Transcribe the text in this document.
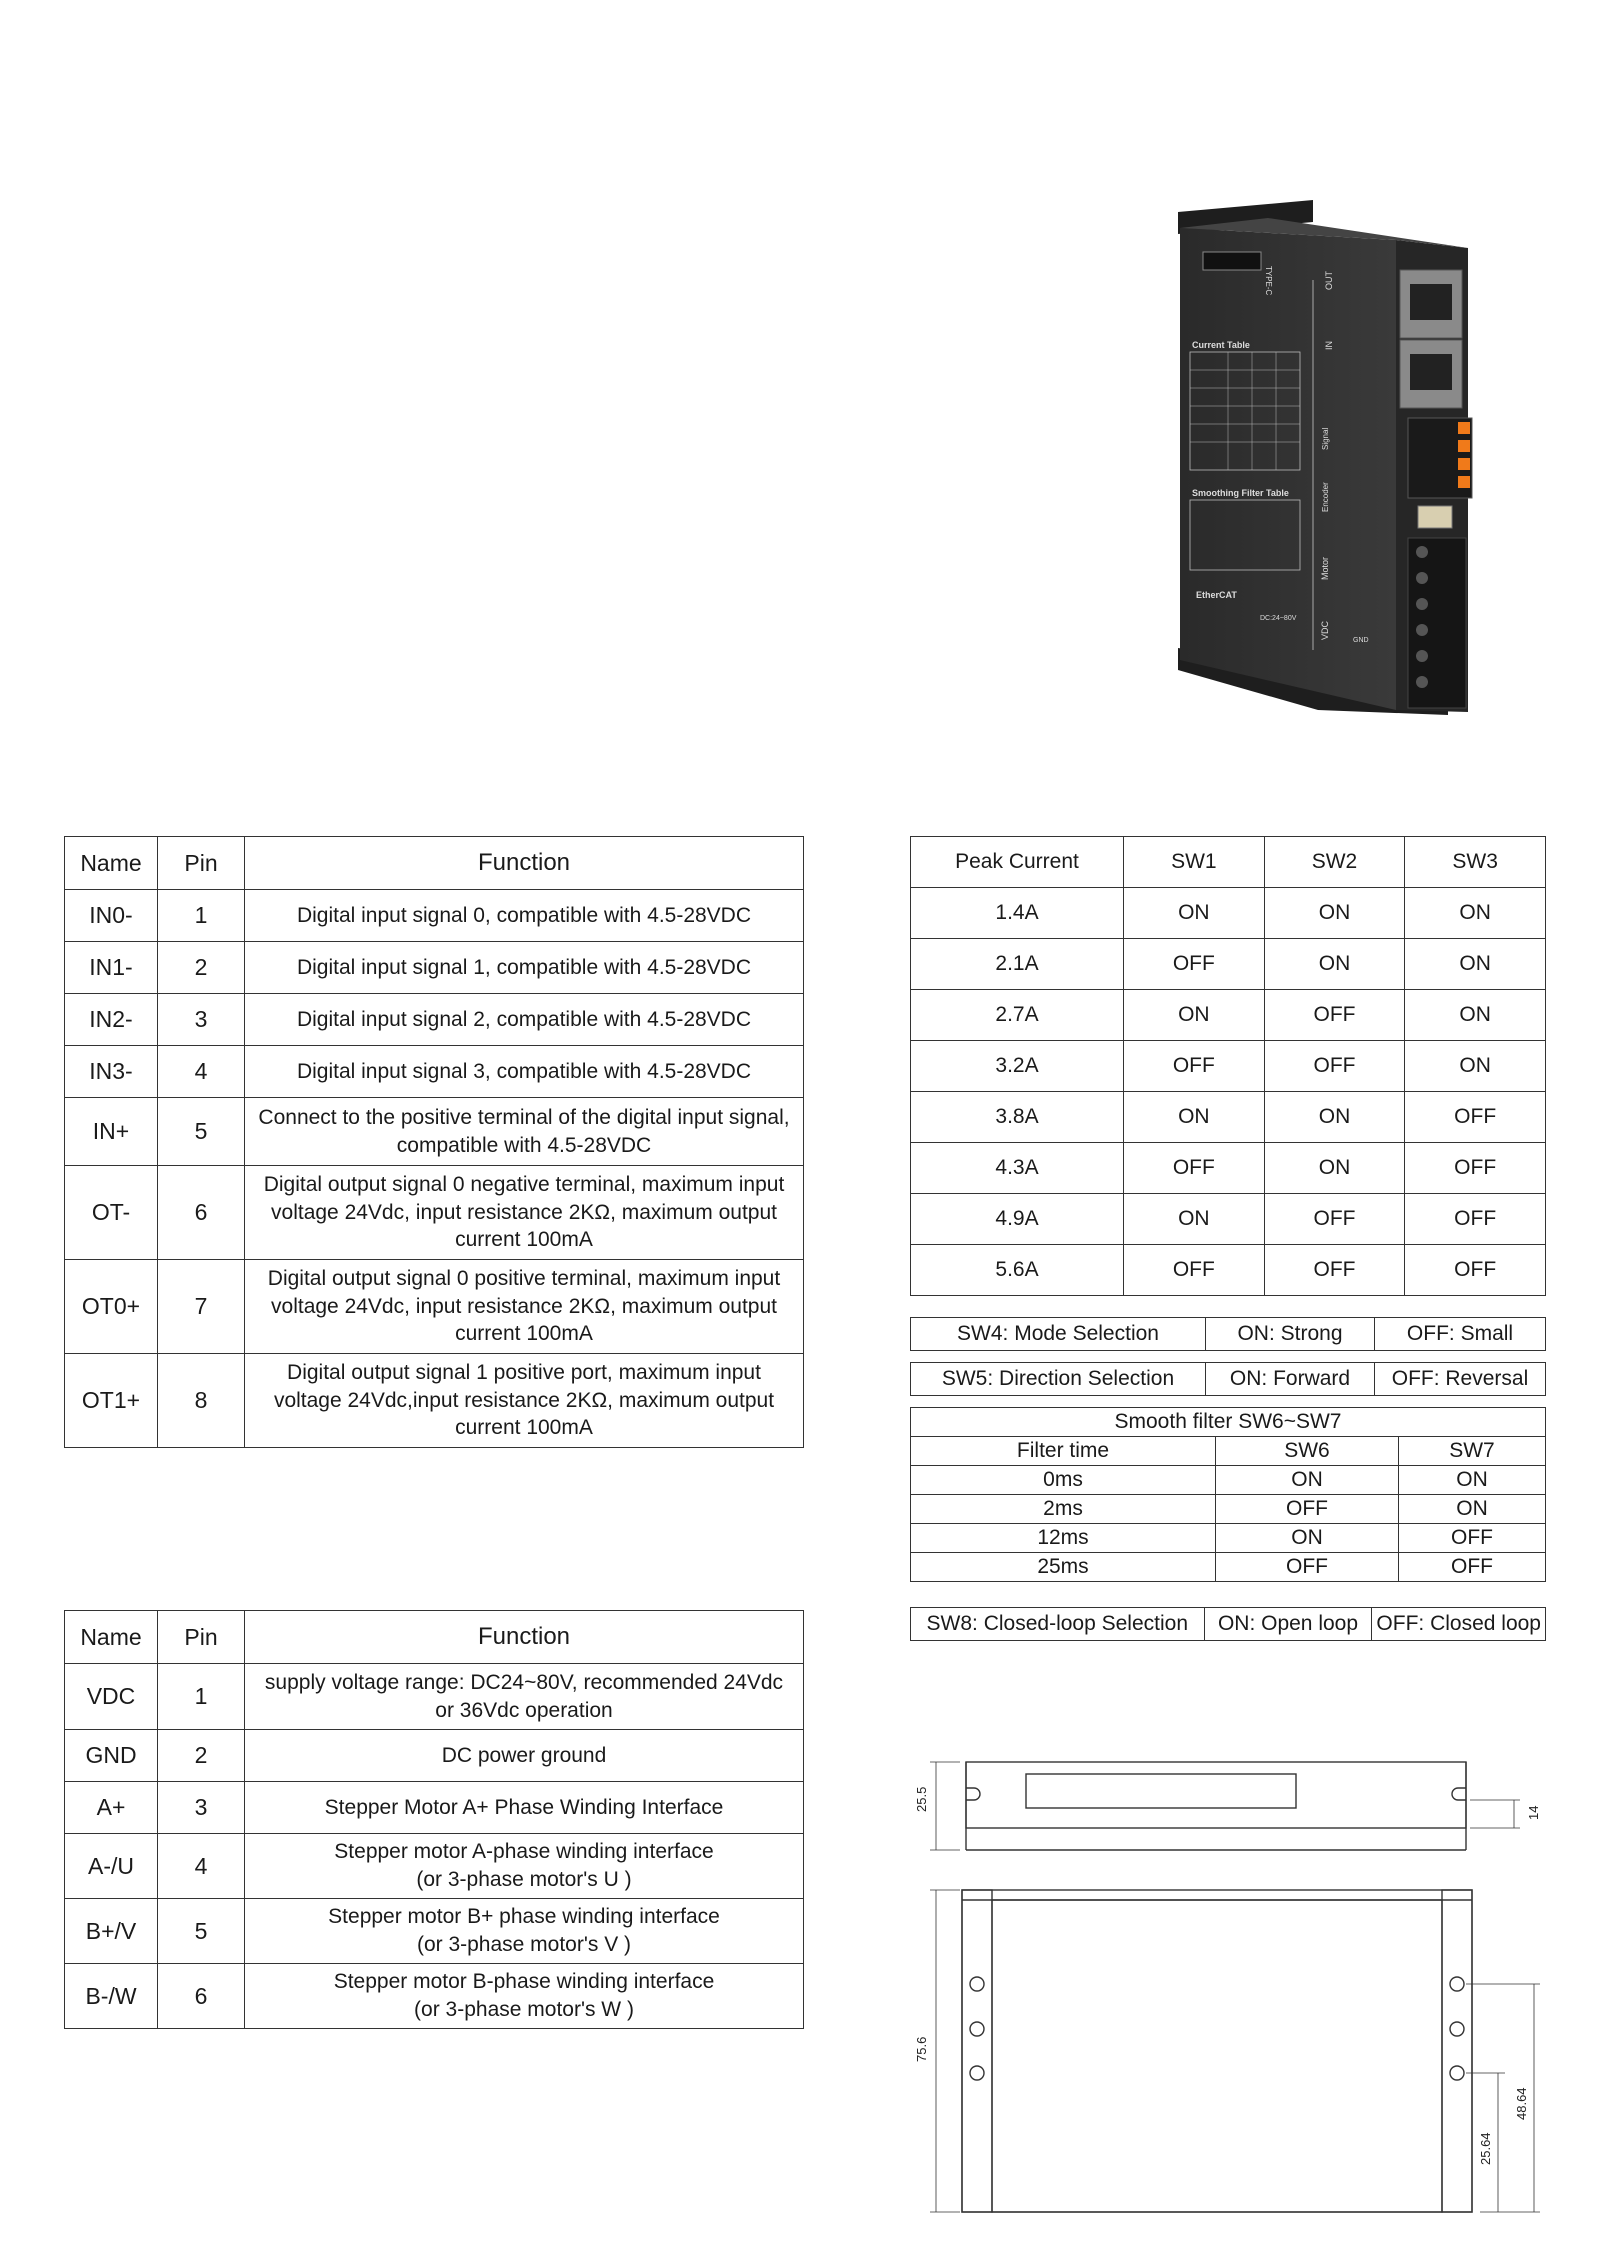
TYPE-C
Current Table
Smoothing Filter Table
EtherCAT
DC:24~80V
OUT
IN
Signal
Encoder
Motor
VDC
GND
Name	Pin	Function
IN0-	1	Digital input signal 0, compatible with 4.5-28VDC
IN1-	2	Digital input signal 1, compatible with 4.5-28VDC
IN2-	3	Digital input signal 2, compatible with 4.5-28VDC
IN3-	4	Digital input signal 3, compatible with 4.5-28VDC
IN+	5	Connect to the positive terminal of the digital input signal, compatible with 4.5-28VDC
OT-	6	Digital output signal 0 negative terminal, maximum input voltage 24Vdc, input resistance 2KΩ, maximum output current 100mA
OT0+	7	Digital output signal 0 positive terminal, maximum input voltage 24Vdc, input resistance 2KΩ, maximum output current 100mA
OT1+	8	Digital output signal 1 positive port, maximum input voltage 24Vdc,input resistance 2KΩ, maximum output current 100mA
Name	Pin	Function
VDC	1	supply voltage range: DC24~80V, recommended 24Vdc
or 36Vdc operation
GND	2	DC power ground
A+	3	Stepper Motor A+ Phase Winding Interface
A-/U	4	Stepper motor A-phase winding interface
(or 3-phase motor's U )
B+/V	5	Stepper motor B+ phase winding interface
(or 3-phase motor's V )
B-/W	6	Stepper motor B-phase winding interface
(or 3-phase motor's W )
Peak Current	SW1	SW2	SW3
1.4A	ON	ON	ON
2.1A	OFF	ON	ON
2.7A	ON	OFF	ON
3.2A	OFF	OFF	ON
3.8A	ON	ON	OFF
4.3A	OFF	ON	OFF
4.9A	ON	OFF	OFF
5.6A	OFF	OFF	OFF
SW4: Mode Selection	ON: Strong	OFF: Small
SW5: Direction Selection	ON: Forward	OFF: Reversal
Smooth filter SW6~SW7		
Filter time	SW6	SW7
0ms	ON	ON
2ms	OFF	ON
12ms	ON	OFF
25ms	OFF	OFF
SW8: Closed-loop Selection	ON: Open loop	OFF: Closed loop
25.5
14
75.6
25.64
48.64
